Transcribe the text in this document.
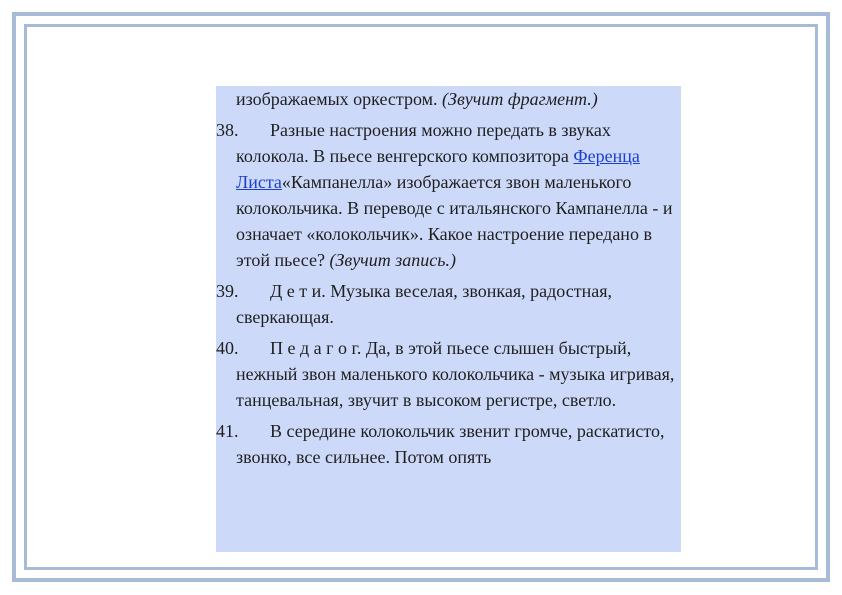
изображаемых оркестром. (Звучит фрагмент.)

38. Разные настроения можно передать в звуках колокола. В пьесе венгерского композитора Ференца Листа«Кампанелла» изображается звон маленького колокольчика. В переводе с итальянского Кампанелла - и означает «колокольчик». Какое настроение передано в этой пьесе? (Звучит запись.)
39. Д е т и. Музыка веселая, звонкая, радостная, сверкающая.
40. П е д а г о г. Да, в этой пьесе слышен быстрый, нежный звон маленького колокольчика - музыка игривая, танцевальная, звучит в высоком регистре, светло.
41. В середине колокольчик звенит громче, раскатисто, звонко, все сильнее. Потом опять
